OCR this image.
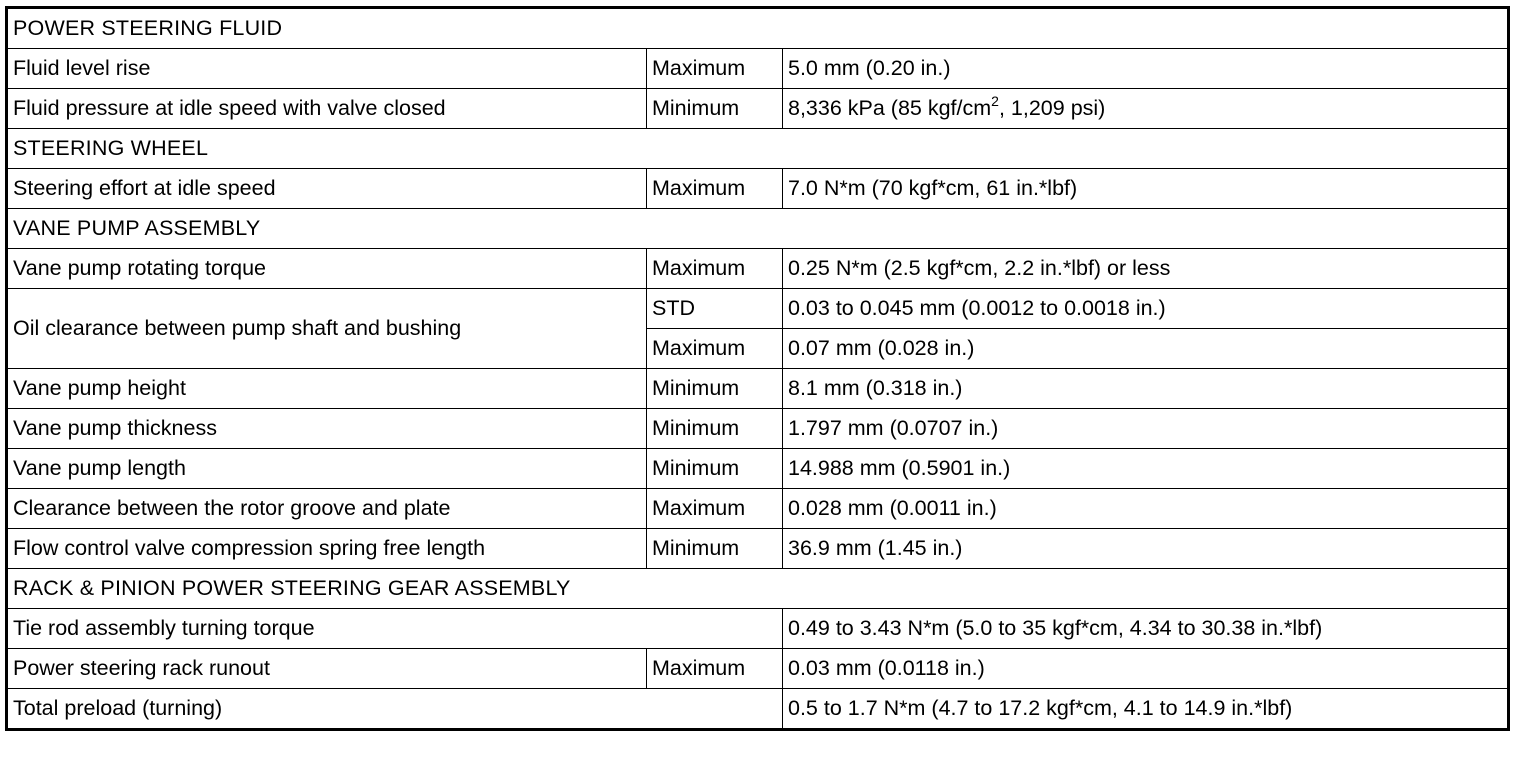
POWER STEERING FLUID		
Fluid level rise	Maximum	5.0 mm (0.20 in.)
Fluid pressure at idle speed with valve closed	Minimum	8,336 kPa (85 kgf/$cm^2$, 1,209 psi)
STEERING WHEEL		
Steering effort at idle speed	Maximum	7.0 N*m (70 kgf*cm, 61 in.*lbf)
VANE PUMP ASSEMBLY		
Vane pump rotating torque	Maximum	0.25 N*m (2.5 kgf*cm, 2.2 in.*lbf) or less
Oil clearance between pump shaft and bushing	STD	0.03 to 0.045 mm (0.0012 to 0.0018 in.)
	Maximum	0.07 mm (0.028 in.)
Vane pump height	Minimum	8.1 mm (0.318 in.)
Vane pump thickness	Minimum	1.797 mm (0.0707 in.)
Vane pump length	Minimum	14.988 mm (0.5901 in.)
Clearance between the rotor groove and plate	Maximum	0.028 mm (0.0011 in.)
Flow control valve compression spring free length	Minimum	36.9 mm (1.45 in.)
RACK & PINION POWER STEERING GEAR ASSEMBLY		
Tie rod assembly turning torque		0.49 to 3.43 N*m (5.0 to 35 kgf*cm, 4.34 to 30.38 in.*lbf)
Power steering rack runout	Maximum	0.03 mm (0.0118 in.)
Total preload (turning)		0.5 to 1.7 N*m (4.7 to 17.2 kgf*cm, 4.1 to 14.9 in.*lbf)
